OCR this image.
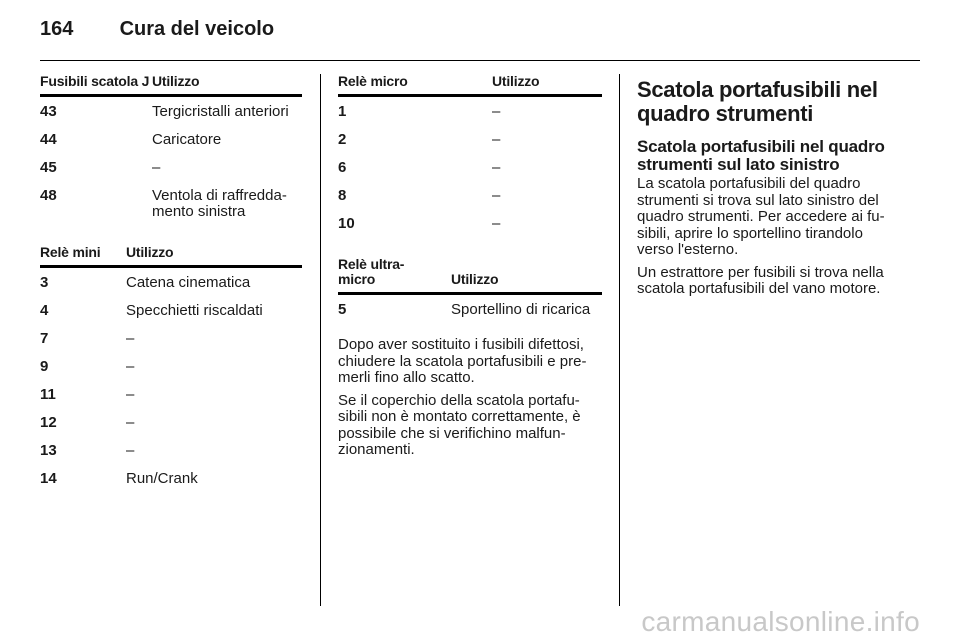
164 Cura del veicolo
Fusibili scatola J Utilizzo
43	Tergicristalli anteriori
44	Caricatore
45	–
48	Ventola di raffredda-mento sinistra
Relè mini	Utilizzo
3	Catena cinematica
4	Specchietti riscaldati
7	–
9	–
11	–
12	–
13	–
14	Run/Crank
Relè micro	Utilizzo
1	–
2	–
6	–
8	–
10	–
Relè ultra-micro	Utilizzo
5	Sportellino di ricarica

Dopo aver sostituito i fusibili difettosi, chiudere la scatola portafusibili e pre-merli fino allo scatto.

Se il coperchio della scatola portafu-sibili non è montato correttamente, è possibile che si verifichino malfun-zionamenti.

Scatola portafusibili nel quadro strumenti
Scatola portafusibili nel quadro strumenti sul lato sinistro

La scatola portafusibili del quadro strumenti si trova sul lato sinistro del quadro strumenti. Per accedere ai fu-sibili, aprire lo sportellino tirandolo verso l'esterno.

Un estrattore per fusibili si trova nella scatola portafusibili del vano motore.

carmanualsonline.info
